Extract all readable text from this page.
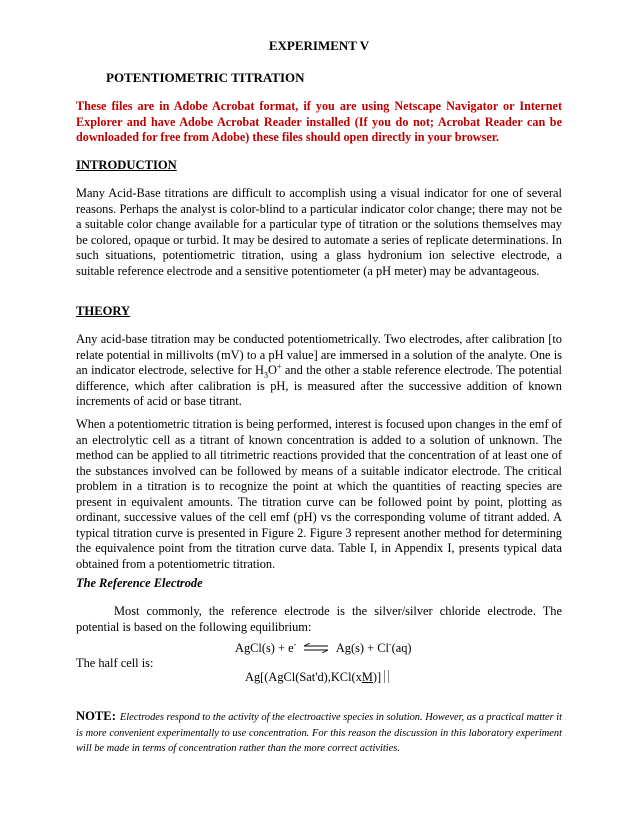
EXPERIMENT V
POTENTIOMETRIC TITRATION

These files are in Adobe Acrobat format, if you are using Netscape Navigator or Internet Explorer and have Adobe Acrobat Reader installed (If you do not; Acrobat Reader can be downloaded for free from Adobe) these files should open directly in your browser.

INTRODUCTION

Many Acid-Base titrations are difficult to accomplish using a visual indicator for one of several reasons. Perhaps the analyst is color-blind to a particular indicator color change; there may not be a suitable color change available for a particular type of titration or the solutions themselves may be colored, opaque or turbid. It may be desired to automate a series of replicate determinations. In such situations, potentiometric titration, using a glass hydronium ion selective electrode, a suitable reference electrode and a sensitive potentiometer (a pH meter) may be advantageous.

THEORY

Any acid-base titration may be conducted potentiometrically. Two electrodes, after calibration [to relate potential in millivolts (mV) to a pH value] are immersed in a solution of the analyte. One is an indicator electrode, selective for $H_3O^+$ and the other a stable reference electrode. The potential difference, which after calibration is pH, is measured after the successive addition of known increments of acid or base titrant.

When a potentiometric titration is being performed, interest is focused upon changes in the emf of an electrolytic cell as a titrant of known concentration is added to a solution of unknown. The method can be applied to all titrimetric reactions provided that the concentration of at least one of the substances involved can be followed by means of a suitable indicator electrode. The critical problem in a titration is to recognize the point at which the quantities of reacting species are present in equivalent amounts. The titration curve can be followed point by point, plotting as ordinant, successive values of the cell emf (pH) vs the corresponding volume of titrant added. A typical titration curve is presented in Figure 2. Figure 3 represent another method for determining the equivalence point from the titration curve data. Table I, in Appendix I, presents typical data obtained from a potentiometric titration.

The Reference Electrode

Most commonly, the reference electrode is the silver/silver chloride electrode. The potential is based on the following equilibrium:

AgCl(s) + e- ⇌ Ag(s) + Cl-(aq)
The half cell is:
Ag[(AgCl(Sat'd),KCl(xM)]

NOTE: Electrodes respond to the activity of the electroactive species in solution. However, as a practical matter it is more convenient experimentally to use concentration. For this reason the discussion in this laboratory experiment will be made in terms of concentration rather than the more correct activities.
